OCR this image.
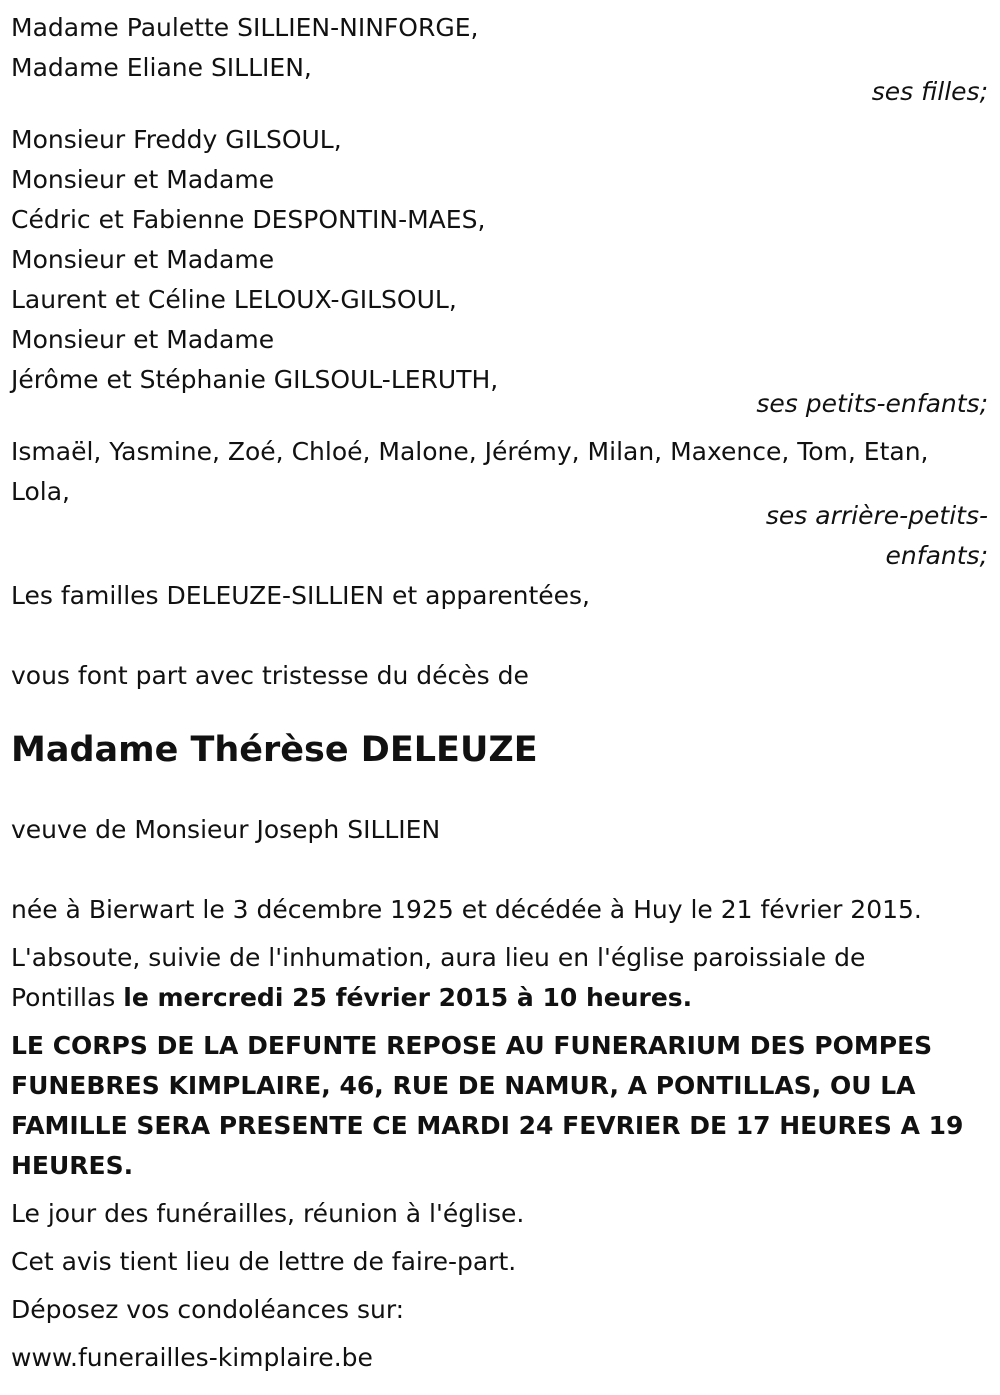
Madame Paulette SILLIEN-NINFORGE,
Madame Eliane SILLIEN,
ses filles;
Monsieur Freddy GILSOUL,
Monsieur et Madame
Cédric et Fabienne DESPONTIN-MAES,
Monsieur et Madame
Laurent et Céline LELOUX-GILSOUL,
Monsieur et Madame
Jérôme et Stéphanie GILSOUL-LERUTH,
ses petits-enfants;
Ismaël, Yasmine, Zoé, Chloé, Malone, Jérémy, Milan, Maxence, Tom, Etan,
Lola,
ses arrière-petits-
enfants;
Les familles DELEUZE-SILLIEN et apparentées,
vous font part avec tristesse du décès de
Madame Thérèse DELEUZE
veuve de Monsieur Joseph SILLIEN
née à Bierwart le 3 décembre 1925 et décédée à Huy le 21 février 2015.
L'absoute, suivie de l'inhumation, aura lieu en l'église paroissiale de
Pontillas le mercredi 25 février 2015 à 10 heures.
LE CORPS DE LA DEFUNTE REPOSE AU FUNERARIUM DES POMPES
FUNEBRES KIMPLAIRE, 46, RUE DE NAMUR, A PONTILLAS, OU LA
FAMILLE SERA PRESENTE CE MARDI 24 FEVRIER DE 17 HEURES A 19
HEURES.
Le jour des funérailles, réunion à l'église.
Cet avis tient lieu de lettre de faire-part.
Déposez vos condoléances sur:
www.funerailles-kimplaire.be
